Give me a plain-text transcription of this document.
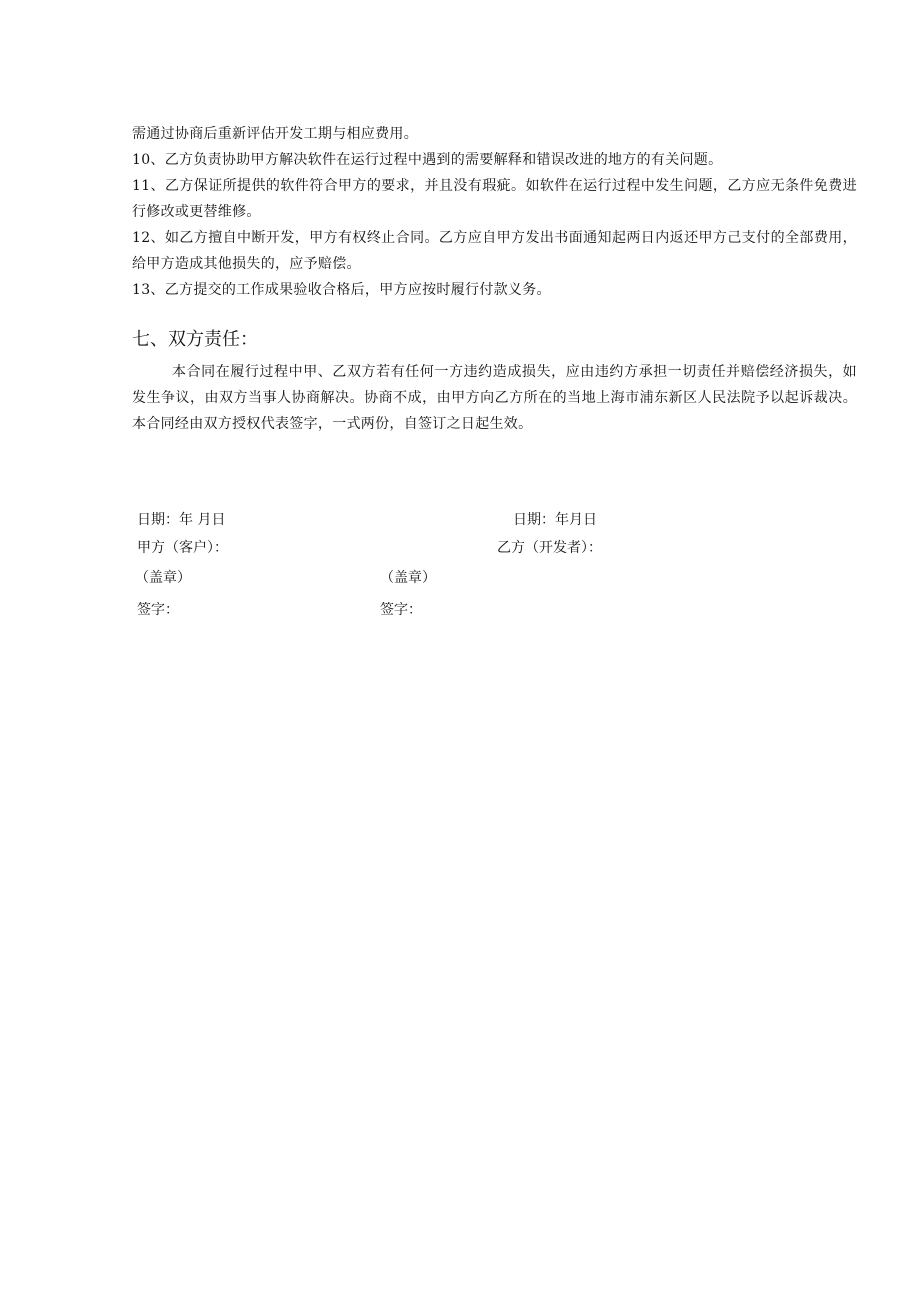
需通过协商后重新评估开发工期与相应费用。

10、乙方负责协助甲方解决软件在运行过程中遇到的需要解释和错误改进的地方的有关问题。

11、乙方保证所提供的软件符合甲方的要求，并且没有瑕疵。如软件在运行过程中发生问题，乙方应无条件免费进行修改或更替维修。

12、如乙方擅自中断开发，甲方有权终止合同。乙方应自甲方发出书面通知起两日内返还甲方己支付的全部费用，给甲方造成其他损失的，应予赔偿。

13、乙方提交的工作成果验收合格后，甲方应按时履行付款义务。

七、双方责任：

本合同在履行过程中甲、乙双方若有任何一方违约造成损失，应由违约方承担一切责任并赔偿经济损失，如发生争议，由双方当事人协商解决。协商不成，由甲方向乙方所在的当地上海市浦东新区人民法院予以起诉裁决。本合同经由双方授权代表签字，一式两份，自签订之日起生效。

日期：年 月日	日期：年月日
甲方（客户）：	乙方（开发者）：
（盖章）	（盖章）
签字：	签字：
